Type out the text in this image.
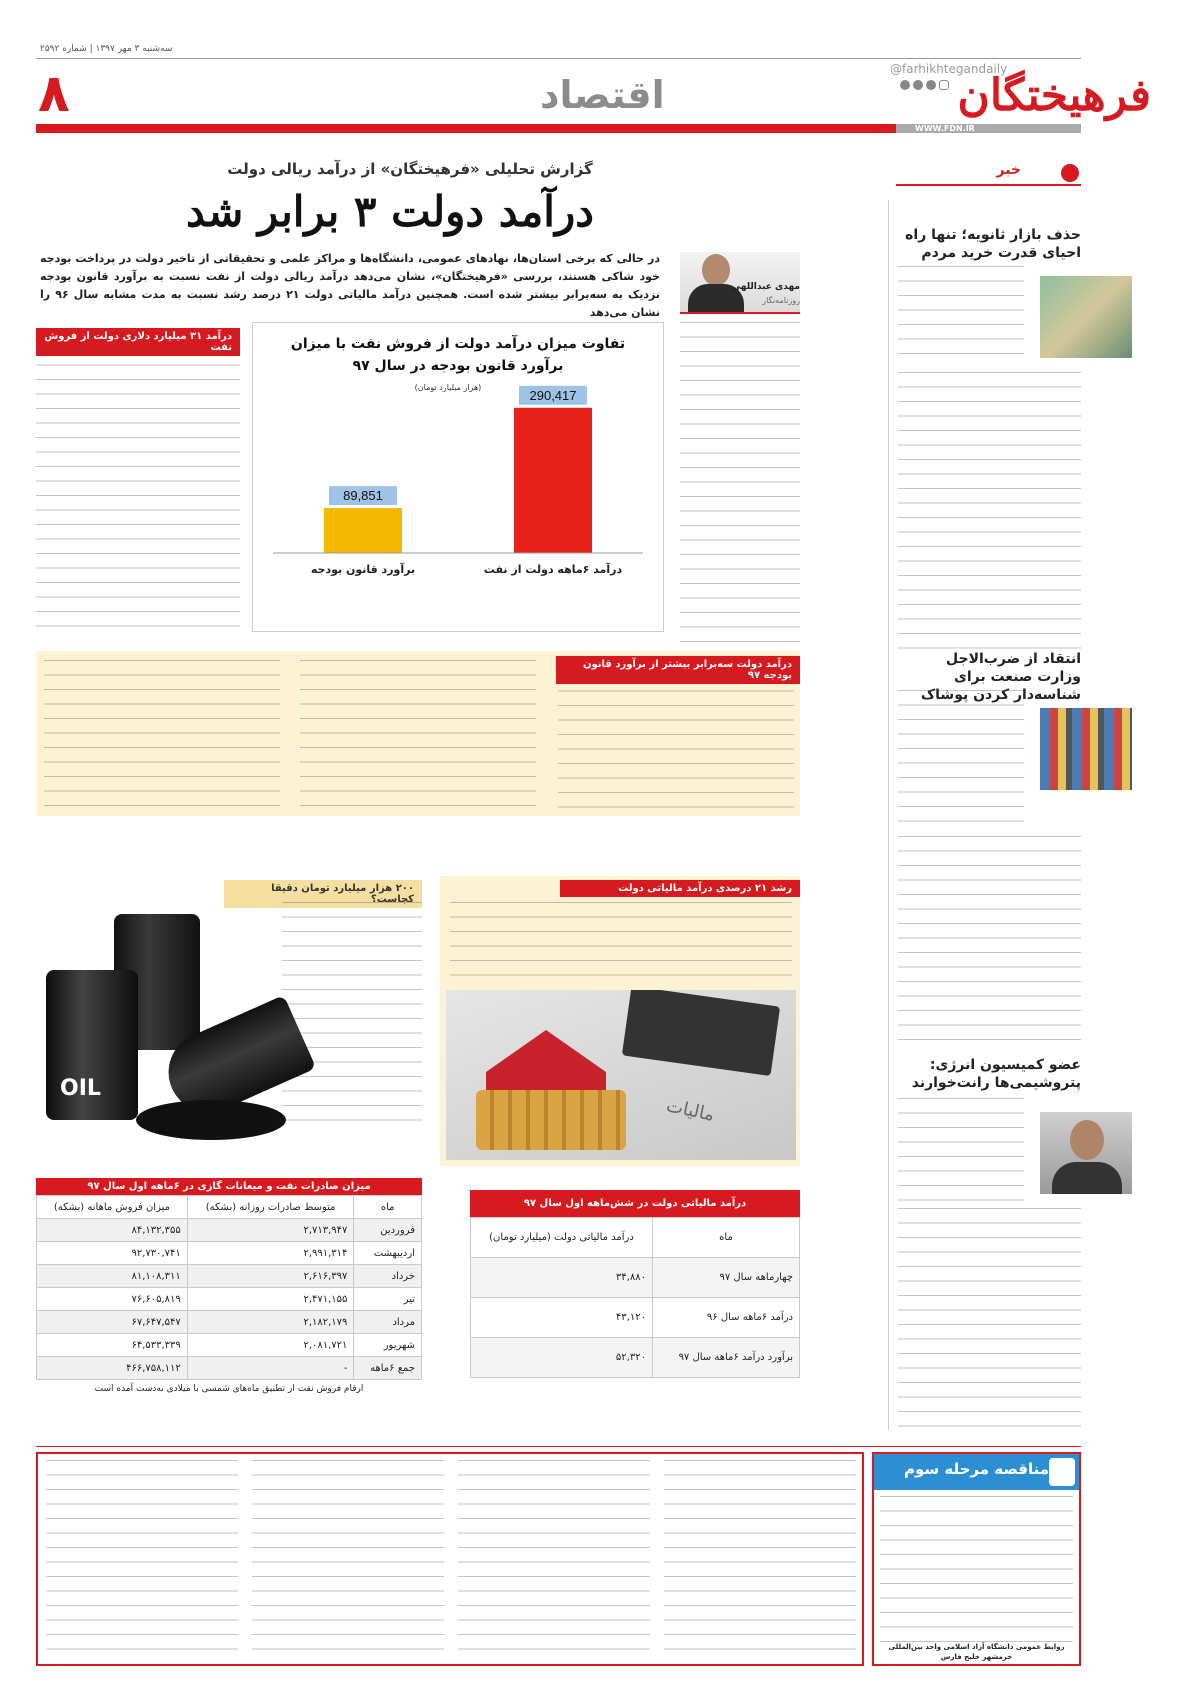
سه‌شنبه ۳ مهر ۱۳۹۷ | شماره ۲۵۹۲
۸	اقتصاد	فرهیختگان
@farhikhtegandaily
WWW.FDN.IR
گزارش تحلیلی «فرهیختگان» از درآمد ریالی دولت
درآمد دولت ۳ برابر شد
در حالی که برخی استان‌ها، نهادهای عمومی، دانشگاه‌ها و مراکز علمی و تحقیقاتی از تاخیر دولت در پرداخت بودجه خود شاکی هستند، بررسی «فرهیختگان»، نشان می‌دهد درآمد ریالی دولت از نفت نسبت به برآورد قانون بودجه نزدیک به سه‌برابر بیشتر شده است. همچنین درآمد مالیاتی دولت ۲۱ درصد رشد نسبت به مدت مشابه سال ۹۶ را نشان می‌دهد
مهدی عبداللهی
روزنامه‌نگار
تفاوت میزان درآمد دولت از فروش نفت با میزان برآورد قانون بودجه در سال ۹۷
(هزار میلیارد تومان)
290,417
89,851
درآمد ۶ماهه دولت از نفت
برآورد قانون بودجه
درآمد ۳۱ میلیارد دلاری دولت از فروش نفت
درآمد دولت سه‌برابر بیشتر از برآورد قانون بودجه ۹۷
۲۰۰ هزار میلیارد تومان دقیقا کجاست؟
OIL
رشد ۲۱ درصدی درآمد مالیاتی دولت
مالیات
میزان صادرات نفت و میعانات گازی در ۶ماهه اول سال ۹۷
ماه	متوسط صادرات روزانه (بشکه)	میزان فروش ماهانه (بشکه)
فروردین	۲,۷۱۳,۹۴۷	۸۴,۱۳۲,۳۵۵
اردیبهشت	۲,۹۹۱,۳۱۴	۹۲,۷۳۰,۷۴۱
خرداد	۲,۶۱۶,۳۹۷	۸۱,۱۰۸,۳۱۱
تیر	۲,۴۷۱,۱۵۵	۷۶,۶۰۵,۸۱۹
مرداد	۲,۱۸۲,۱۷۹	۶۷,۶۴۷,۵۴۷
شهریور	۲,۰۸۱,۷۲۱	۶۴,۵۳۳,۳۳۹
جمع ۶ماهه	-	۴۶۶,۷۵۸,۱۱۲
ارقام فروش نفت از تطبیق ماه‌های شمسی با میلادی به‌دست آمده است
درآمد مالیاتی دولت در شش‌ماهه اول سال ۹۷
ماه	درآمد مالیاتی دولت (میلیارد تومان)
چهارماهه سال ۹۷	۳۴,۸۸۰
درآمد ۶ماهه سال ۹۶	۴۳,۱۲۰
برآورد درآمد ۶ماهه سال ۹۷	۵۲,۳۲۰
خبر
حذف بازار ثانویه؛ تنها راه احیای قدرت خرید مردم
انتقاد از ضرب‌الاجل وزارت صنعت برای شناسه‌دار کردن پوشاک
عضو کمیسیون انرژی: پتروشیمی‌ها رانت‌خوارند
مناقصه مرحله سوم
روابط عمومی دانشگاه آزاد اسلامی واحد بین‌المللی خرمشهر خلیج فارس
